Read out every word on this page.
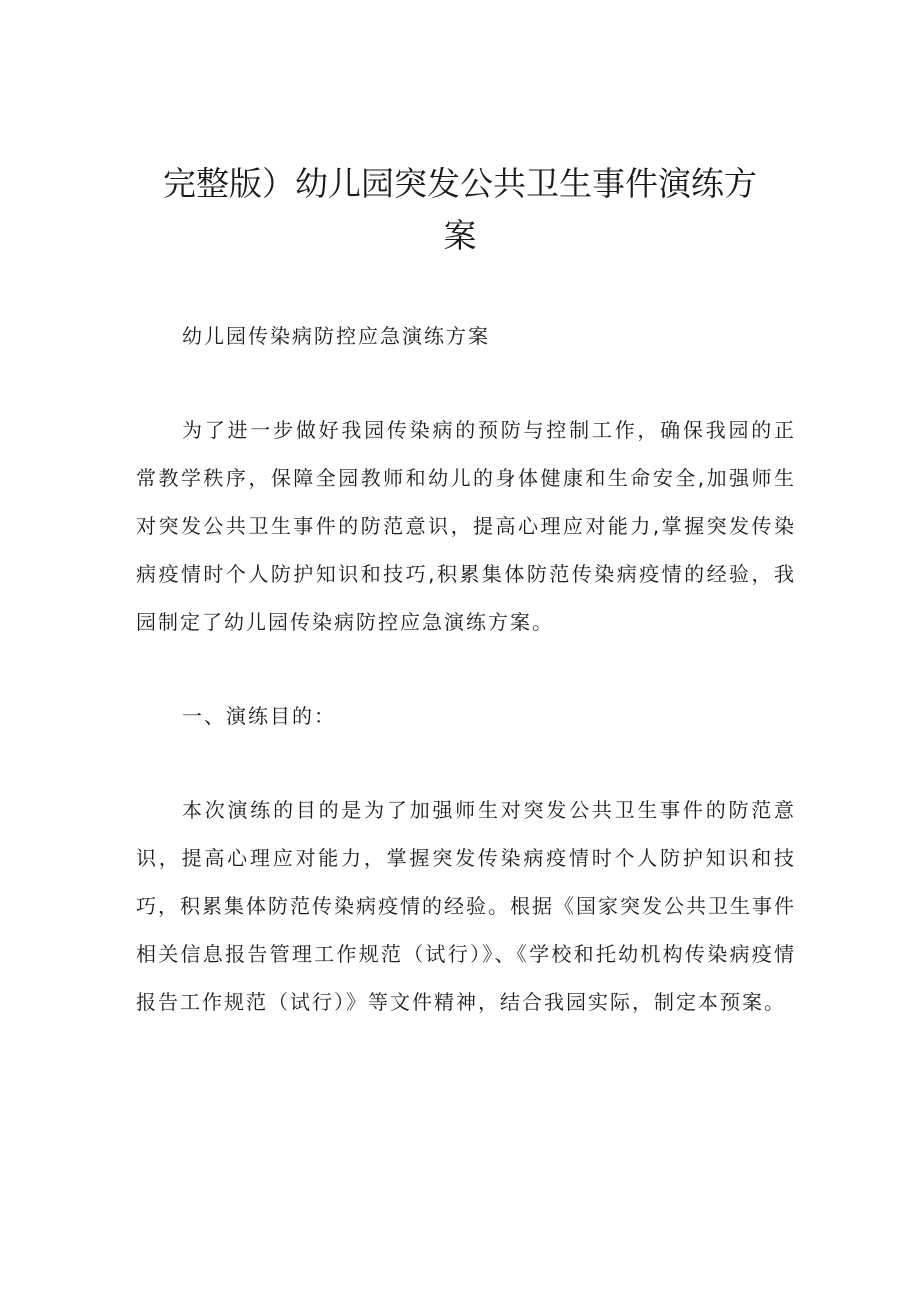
完整版）幼儿园突发公共卫生事件演练方案

幼儿园传染病防控应急演练方案

为了进一步做好我园传染病的预防与控制工作，确保我园的正常教学秩序，保障全园教师和幼儿的身体健康和生命安全,加强师生对突发公共卫生事件的防范意识，提高心理应对能力,掌握突发传染病疫情时个人防护知识和技巧,积累集体防范传染病疫情的经验，我园制定了幼儿园传染病防控应急演练方案。

一、演练目的：

本次演练的目的是为了加强师生对突发公共卫生事件的防范意识，提高心理应对能力，掌握突发传染病疫情时个人防护知识和技巧，积累集体防范传染病疫情的经验。根据《国家突发公共卫生事件相关信息报告管理工作规范（试行）》、《学校和托幼机构传染病疫情报告工作规范（试行）》等文件精神，结合我园实际，制定本预案。
